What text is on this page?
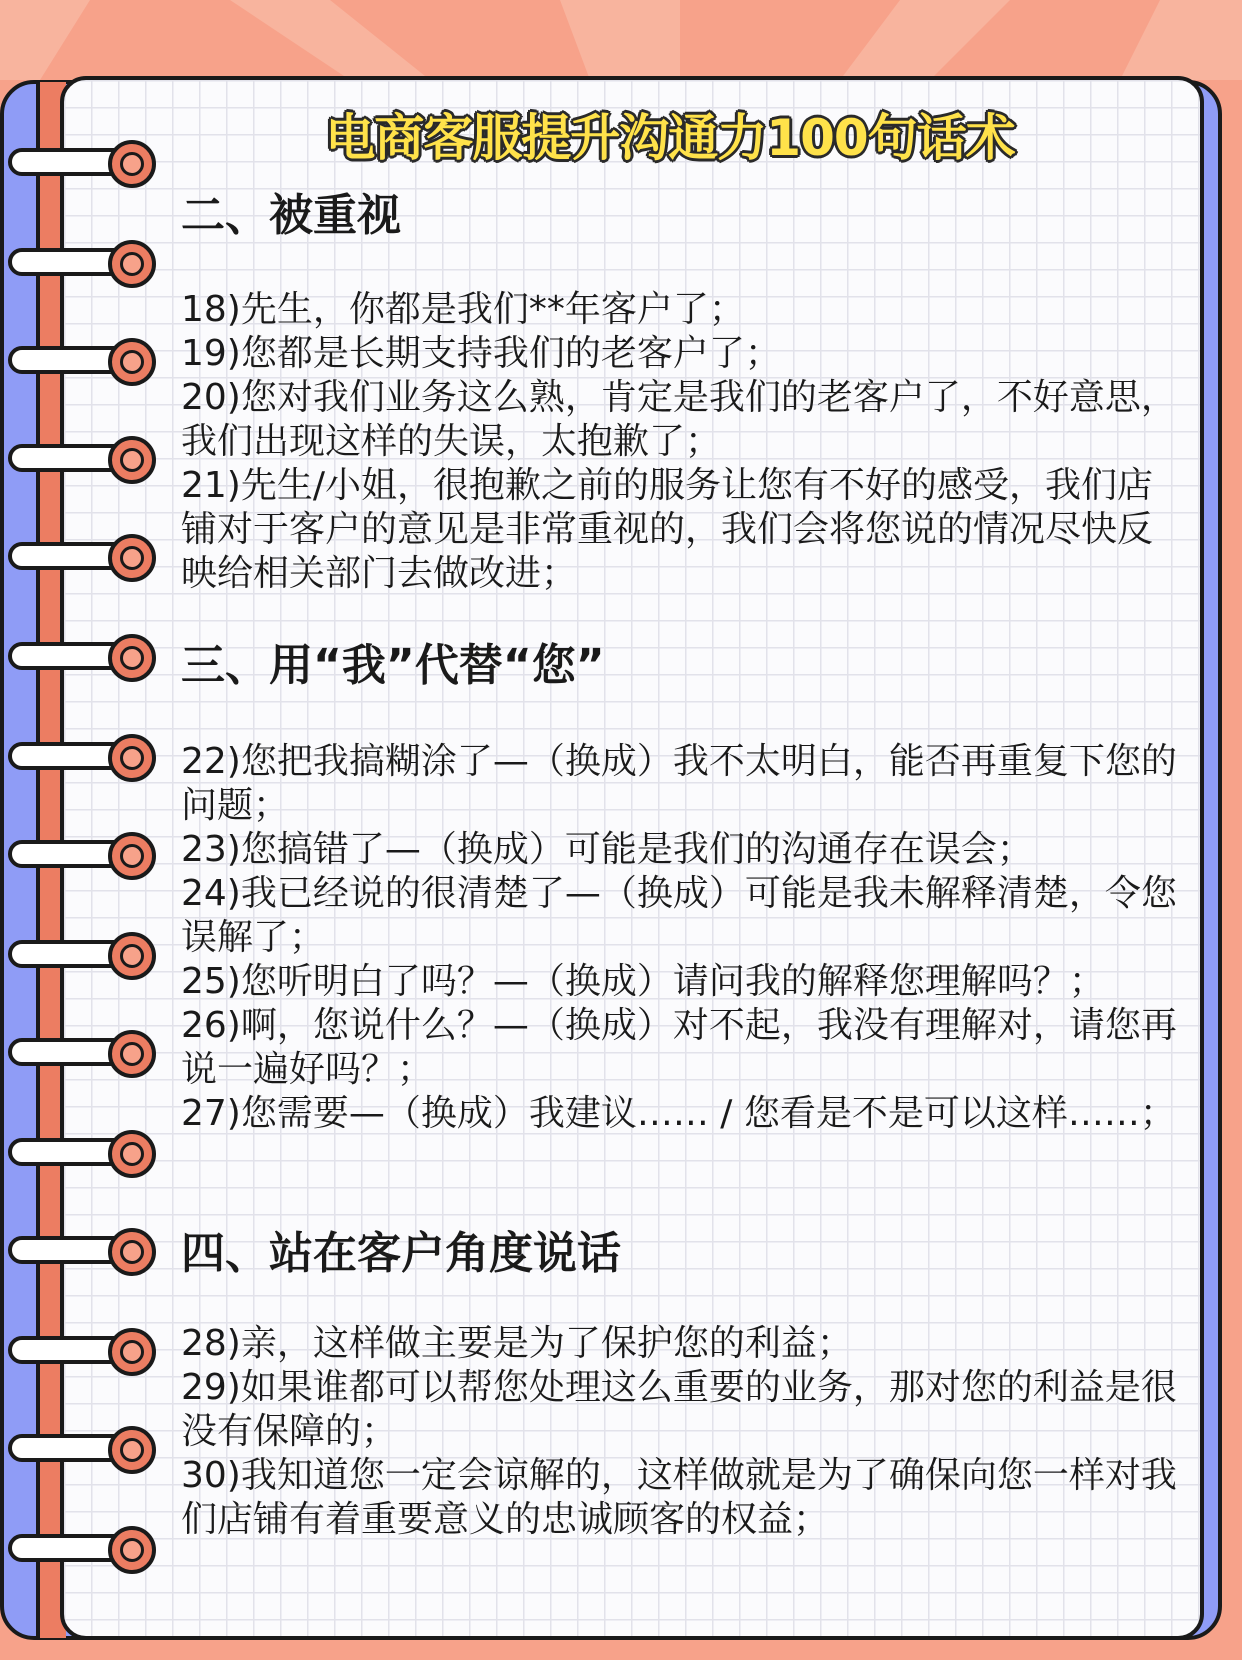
电商客服提升沟通力100句话术
二、被重视

18)先生，你都是我们**年客户了；

19)您都是长期支持我们的老客户了；

20)您对我们业务这么熟，肯定是我们的老客户了，不好意思，我们出现这样的失误，太抱歉了；

21)先生/小姐，很抱歉之前的服务让您有不好的感受，我们店铺对于客户的意见是非常重视的，我们会将您说的情况尽快反映给相关部门去做改进；

三、用“我”代替“您”

22)您把我搞糊涂了—（换成）我不太明白，能否再重复下您的问题；

23)您搞错了—（换成）可能是我们的沟通存在误会；

24)我已经说的很清楚了—（换成）可能是我未解释清楚，令您误解了；

25)您听明白了吗？—（换成）请问我的解释您理解吗？；

26)啊，您说什么？—（换成）对不起，我没有理解对，请您再说一遍好吗？；

27)您需要—（换成）我建议…… / 您看是不是可以这样……；

四、站在客户角度说话

28)亲，这样做主要是为了保护您的利益；

29)如果谁都可以帮您处理这么重要的业务，那对您的利益是很没有保障的；

30)我知道您一定会谅解的，这样做就是为了确保向您一样对我们店铺有着重要意义的忠诚顾客的权益；
